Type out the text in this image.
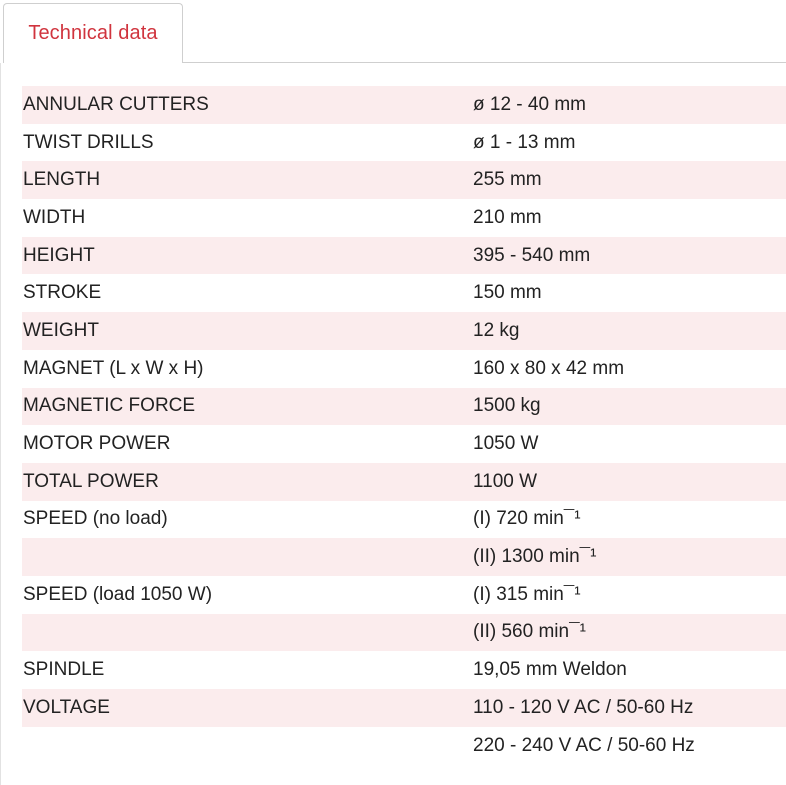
Technical data
ANNULAR CUTTERS	ø 12 - 40 mm
TWIST DRILLS	ø 1 - 13 mm
LENGTH	255 mm
WIDTH	210 mm
HEIGHT	395 - 540 mm
STROKE	150 mm
WEIGHT	12 kg
MAGNET (L x W x H)	160 x 80 x 42 mm
MAGNETIC FORCE	1500 kg
MOTOR POWER	1050 W
TOTAL POWER	1100 W
SPEED (no load)	(I) 720 min¯¹
	(II) 1300 min¯¹
SPEED (load 1050 W)	(I) 315 min¯¹
	(II) 560 min¯¹
SPINDLE	19,05 mm Weldon
VOLTAGE	110 - 120 V AC / 50-60 Hz
	220 - 240 V AC / 50-60 Hz
